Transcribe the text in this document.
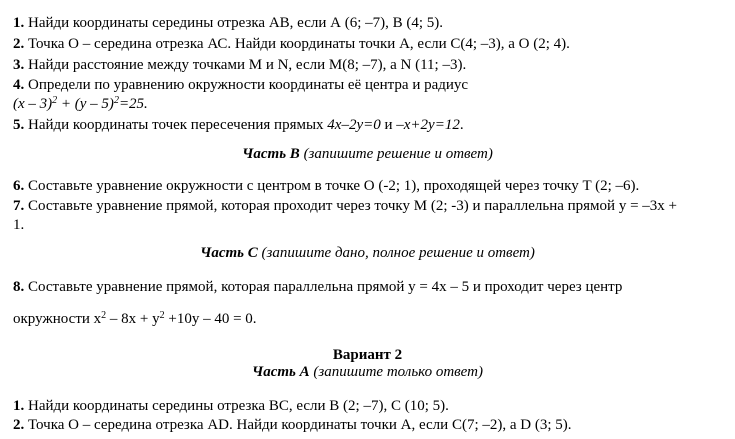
1. Найди координаты середины отрезка АВ, если А (6; –7), В (4; 5).
2. Точка О – середина отрезка АС. Найди координаты точки А, если С(4; –3), а О (2; 4).
3. Найди расстояние между точками M и N, если M(8; –7), а N (11; –3).
4. Определи по уравнению окружности координаты её центра и радиус
(x – 3)$^2$ + (y – 5)$^2$=25.
5. Найди координаты точек пересечения прямых 4x–2y=0 и –x+2y=12.
Часть В (запишите решение и ответ)
6. Составьте уравнение окружности с центром в точке О (-2; 1), проходящей через точку T (2; –6).
7. Составьте уравнение прямой, которая проходит через точку M (2; -3) и параллельна прямой y = –3x +
1.
Часть С (запишите дано, полное решение и ответ)
8. Составьте уравнение прямой, которая параллельна прямой y = 4x – 5 и проходит через центр
окружности $x^2 - 8x + y^2 +10y - 40 = 0$.
Вариант 2
Часть А (запишите только ответ)
1. Найди координаты середины отрезка ВС, если В (2; –7), С (10; 5).
2. Точка О – середина отрезка АD. Найди координаты точки А, если С(7; –2), а D (3; 5).
